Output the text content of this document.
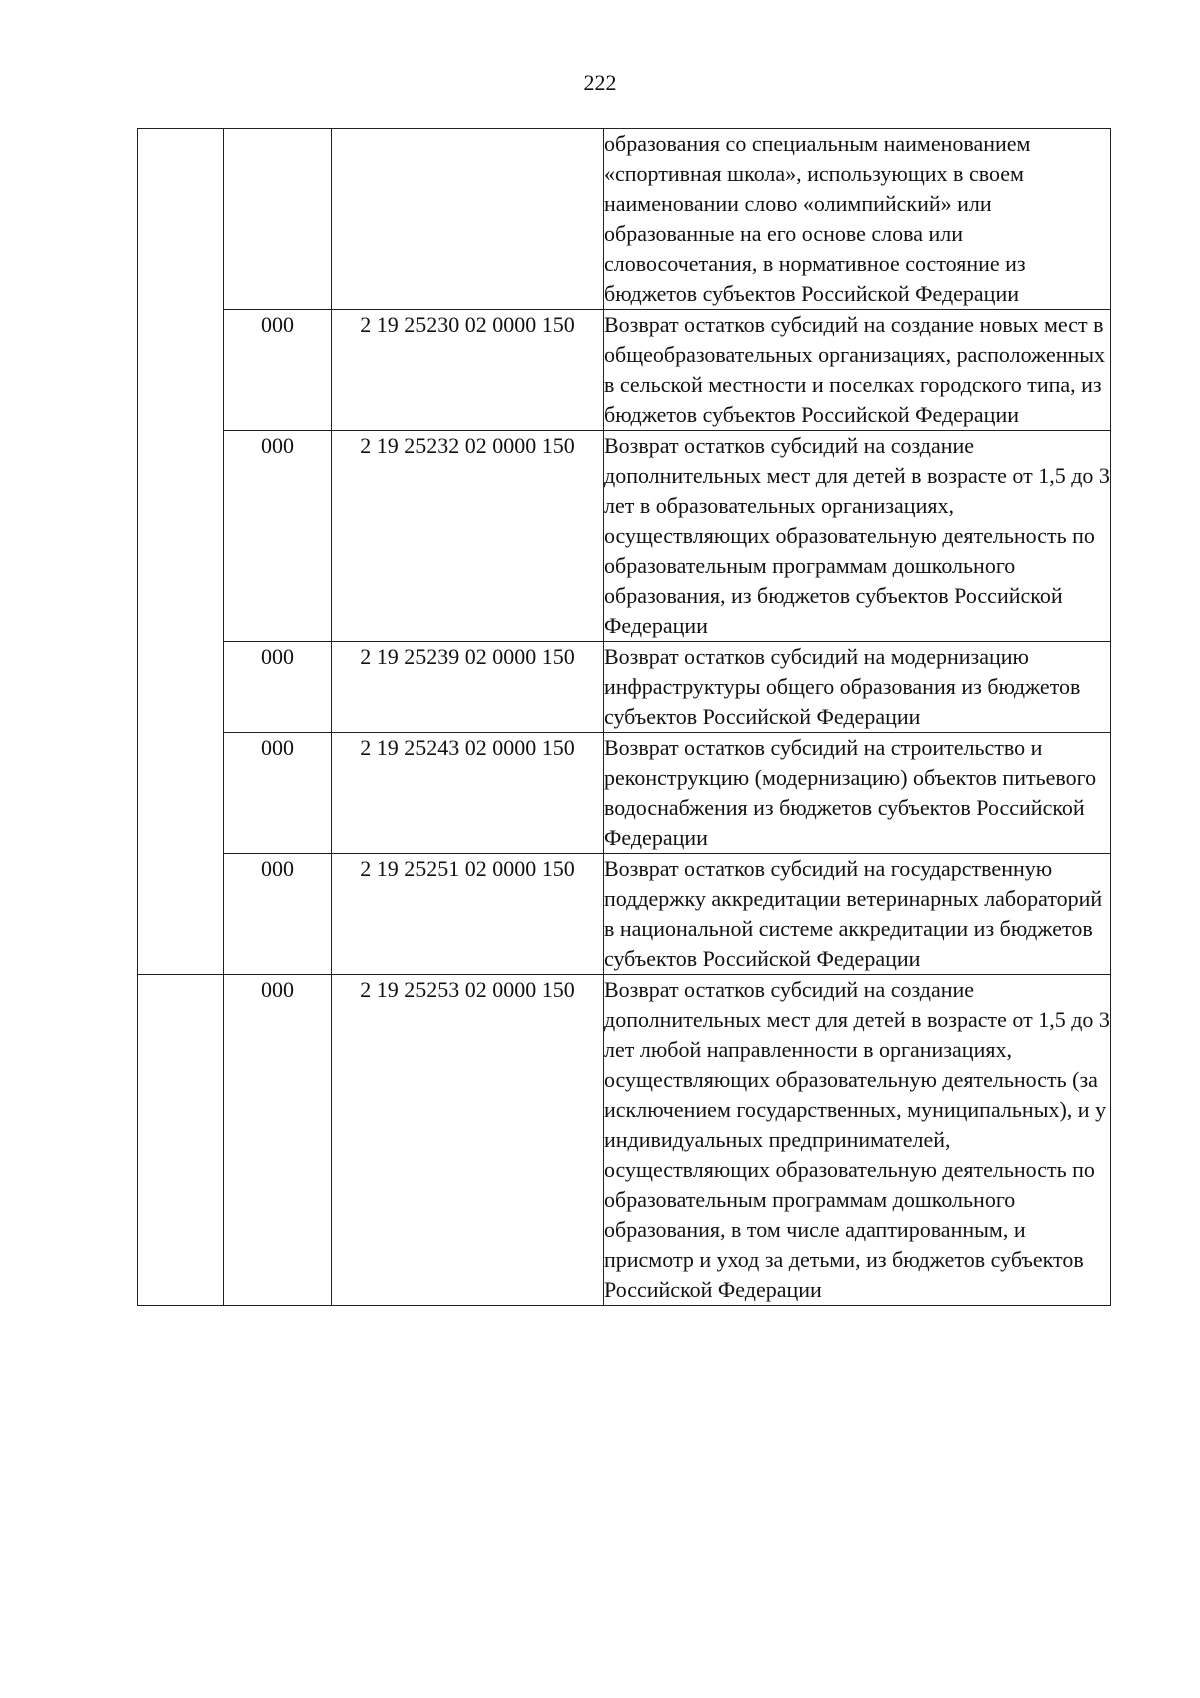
222
			образования со специальным наименованием «спортивная школа», использующих в своем наименовании слово «олимпийский» или образованные на его основе слова или словосочетания, в нормативное состояние из бюджетов субъектов Российской Федерации
	000	2 19 25230 02 0000 150	Возврат остатков субсидий на создание новых мест в общеобразовательных организациях, расположенных в сельской местности и поселках городского типа, из бюджетов субъектов Российской Федерации
	000	2 19 25232 02 0000 150	Возврат остатков субсидий на создание дополнительных мест для детей в возрасте от 1,5 до 3 лет в образовательных организациях, осуществляющих образовательную деятельность по образовательным программам дошкольного образования, из бюджетов субъектов Российской Федерации
	000	2 19 25239 02 0000 150	Возврат остатков субсидий на модернизацию инфраструктуры общего образования из бюджетов субъектов Российской Федерации
	000	2 19 25243 02 0000 150	Возврат остатков субсидий на строительство и реконструкцию (модернизацию) объектов питьевого водоснабжения из бюджетов субъектов Российской Федерации
	000	2 19 25251 02 0000 150	Возврат остатков субсидий на государственную поддержку аккредитации ветеринарных лабораторий в национальной системе аккредитации из бюджетов субъектов Российской Федерации
	000	2 19 25253 02 0000 150	Возврат остатков субсидий на создание дополнительных мест для детей в возрасте от 1,5 до 3 лет любой направленности в организациях, осуществляющих образовательную деятельность (за исключением государственных, муниципальных), и у индивидуальных предпринимателей, осуществляющих образовательную деятельность по образовательным программам дошкольного образования, в том числе адаптированным, и присмотр и уход за детьми, из бюджетов субъектов Российской Федерации
